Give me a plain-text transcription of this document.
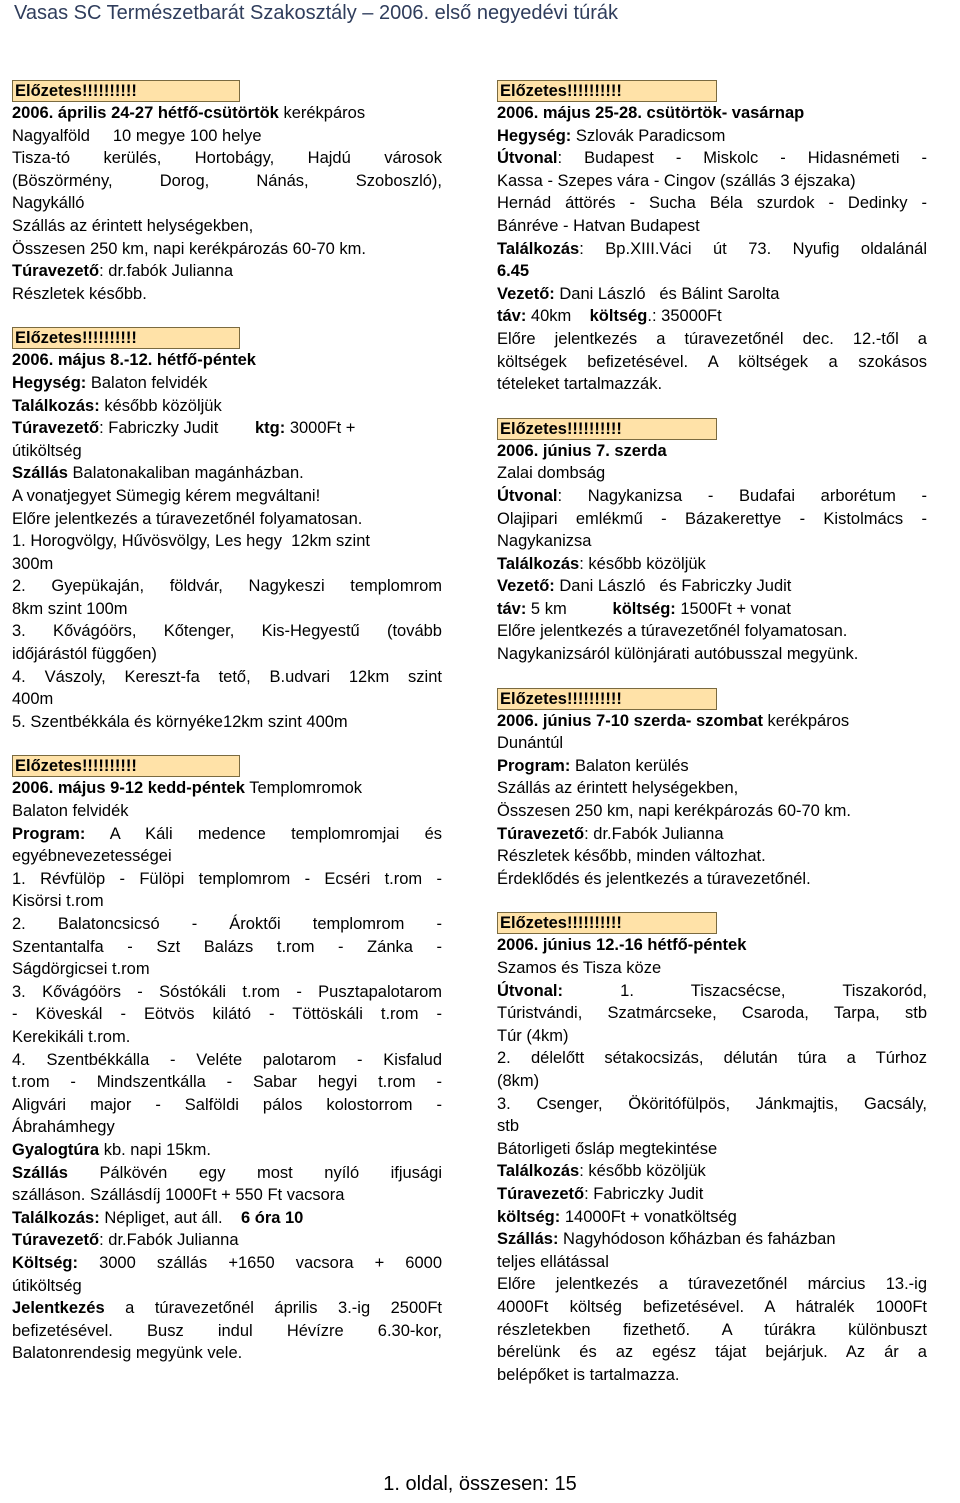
Vasas SC Természetbarát Szakosztály – 2006. első negyedévi túrák
Előzetes!!!!!!!!!!
2006. április 24-27 hétfő-csütörtök kerékpáros
Nagyalföld     10 megye 100 helye
Tisza-tó kerülés, Hortobágy, Hajdú városok
(Böszörmény, Dorog, Nánás, Szoboszló),
Nagykálló
Szállás az érintett helységekben,
Összesen 250 km, napi kerékpározás 60-70 km.
Túravezető: dr.fabók Julianna
Részletek később.
Előzetes!!!!!!!!!!
2006. május 8.-12. hétfő-péntek
Hegység: Balaton felvidék
Találkozás: később közöljük
Túravezető: Fabriczky Judit        ktg: 3000Ft +
útiköltség
Szállás Balatonakaliban magánházban.
A vonatjegyet Sümegig kérem megváltani!
Előre jelentkezés a túravezetőnél folyamatosan.
1. Horogvölgy, Hűvösvölgy, Les hegy  12km szint
300m
2. Gyepükaján, földvár, Nagykeszi templomrom
8km szint 100m
3. Kővágóörs, Kőtenger, Kis-Hegyestű (tovább
időjárástól függően)
4. Vászoly, Kereszt-fa tető, B.udvari 12km szint
400m
5. Szentbékkála és környéke12km szint 400m
Előzetes!!!!!!!!!!
2006. május 9-12 kedd-péntek Templomromok
Balaton felvidék
Program: A Káli medence templomromjai és
egyébnevezetességei
1. Révfülöp - Fülöpi templomrom - Ecséri t.rom -
Kisörsi t.rom
2. Balatoncsicsó - Ároktői templomrom -
Szentantalfa - Szt Balázs t.rom - Zánka -
Ságdörgicsei t.rom
3. Kővágóörs - Sóstókáli t.rom - Pusztapalotarom
- Köveskál - Eötvös kilátó - Töttöskáli t.rom -
Kerekikáli t.rom.
4. Szentbékkálla - Veléte palotarom - Kisfalud
t.rom - Mindszentkálla - Sabar hegyi t.rom -
Aligvári major - Salföldi pálos kolostorrom -
Ábrahámhegy
Gyalogtúra kb. napi 15km.
Szállás Pálkövén egy most nyíló ifjusági
szálláson. Szállásdíj 1000Ft + 550 Ft vacsora
Találkozás: Népliget, aut áll.    6 óra 10
Túravezető: dr.Fabók Julianna
Költség: 3000 szállás +1650 vacsora + 6000
útiköltség
Jelentkezés a túravezetőnél április 3.-ig 2500Ft
befizetésével. Busz indul Hévízre 6.30-kor,
Balatonrendesig megyünk vele.
Előzetes!!!!!!!!!!
2006. május 25-28. csütörtök- vasárnap
Hegység: Szlovák Paradicsom
Útvonal: Budapest - Miskolc - Hidasnémeti -
Kassa - Szepes vára - Cingov (szállás 3 éjszaka)
Hernád áttörés - Sucha Béla szurdok - Dedinky -
Bánréve - Hatvan Budapest
Találkozás: Bp.XIII.Váci út 73. Nyufig oldalánál
6.45
Vezető: Dani László   és Bálint Sarolta
táv: 40km    költség.: 35000Ft
Előre jelentkezés a túravezetőnél dec. 12.-től a
költségek befizetésével. A költségek a szokásos
tételeket tartalmazzák.
Előzetes!!!!!!!!!!
2006. június 7. szerda
Zalai dombság
Útvonal: Nagykanizsa - Budafai arborétum -
Olajipari emlékmű - Bázakerettye - Kistolmács -
Nagykanizsa
Találkozás: később közöljük
Vezető: Dani László   és Fabriczky Judit
táv: 5 km          költség: 1500Ft + vonat
Előre jelentkezés a túravezetőnél folyamatosan.
Nagykanizsáról különjárati autóbusszal megyünk.
Előzetes!!!!!!!!!!
2006. június 7-10 szerda- szombat kerékpáros
Dunántúl
Program: Balaton kerülés
Szállás az érintett helységekben,
Összesen 250 km, napi kerékpározás 60-70 km.
Túravezető: dr.Fabók Julianna
Részletek később, minden változhat.
Érdeklődés és jelentkezés a túravezetőnél.
Előzetes!!!!!!!!!!
2006. június 12.-16 hétfő-péntek
Szamos és Tisza köze
Útvonal: 1. Tiszacsécse, Tiszakoród,
Túristvándi, Szatmárcseke, Csaroda, Tarpa, stb
Túr (4km)
2. délelőtt sétakocsizás, délután túra a Túrhoz
(8km)
3. Csenger, Ököritófülpös, Jánkmajtis, Gacsály,
stb
Bátorligeti ősláp megtekintése
Találkozás: később közöljük
Túravezető: Fabriczky Judit
költség: 14000Ft + vonatköltség
Szállás: Nagyhódoson kőházban és faházban
teljes ellátással
Előre jelentkezés a túravezetőnél március 13.-ig
4000Ft költség befizetésével. A hátralék 1000Ft
részletekben fizethető. A túrákra különbuszt
bérelünk és az egész tájat bejárjuk. Az ár a
belépőket is tartalmazza.
1. oldal, összesen: 15
